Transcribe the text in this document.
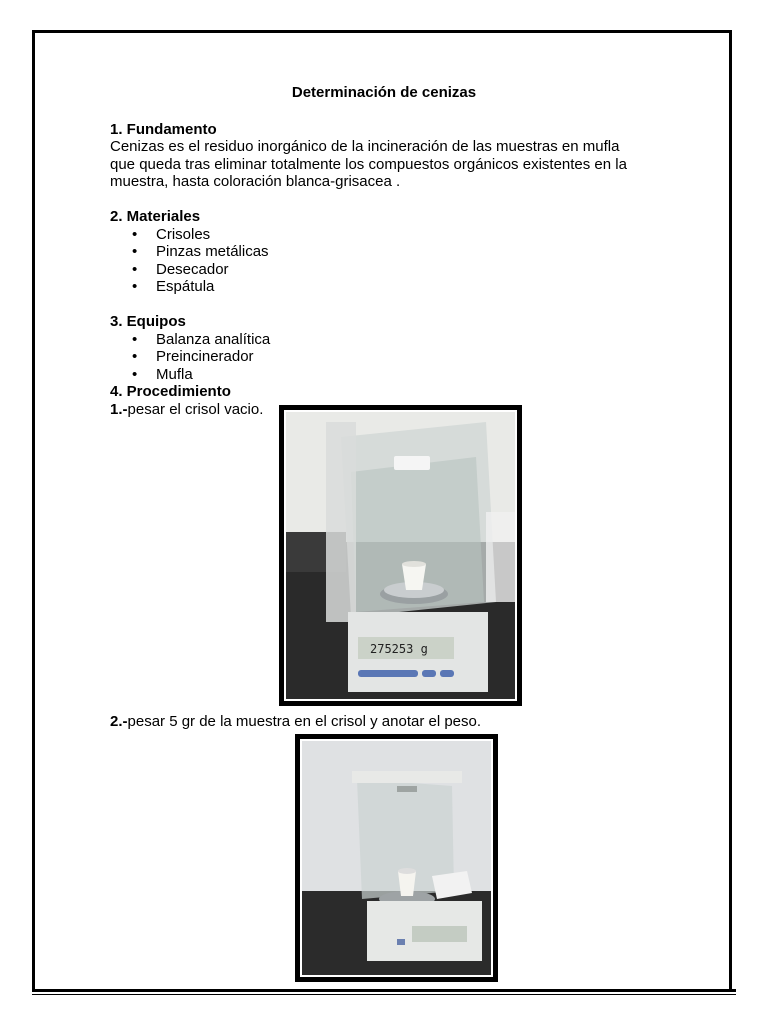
Determinación de cenizas

1. Fundamento

Cenizas es el residuo inorgánico de la incineración de las muestras en mufla

que queda tras eliminar totalmente los compuestos orgánicos existentes en la

muestra, hasta coloración blanca-grisacea .

2. Materiales

• Crisoles
• Pinzas metálicas
• Desecador
• Espátula

3. Equipos

• Balanza analítica
• Preincinerador
• Mufla

4. Procedimiento

1.-pesar el crisol vacio.

2.-pesar 5 gr de la muestra en el crisol y anotar el peso.

275253 g
